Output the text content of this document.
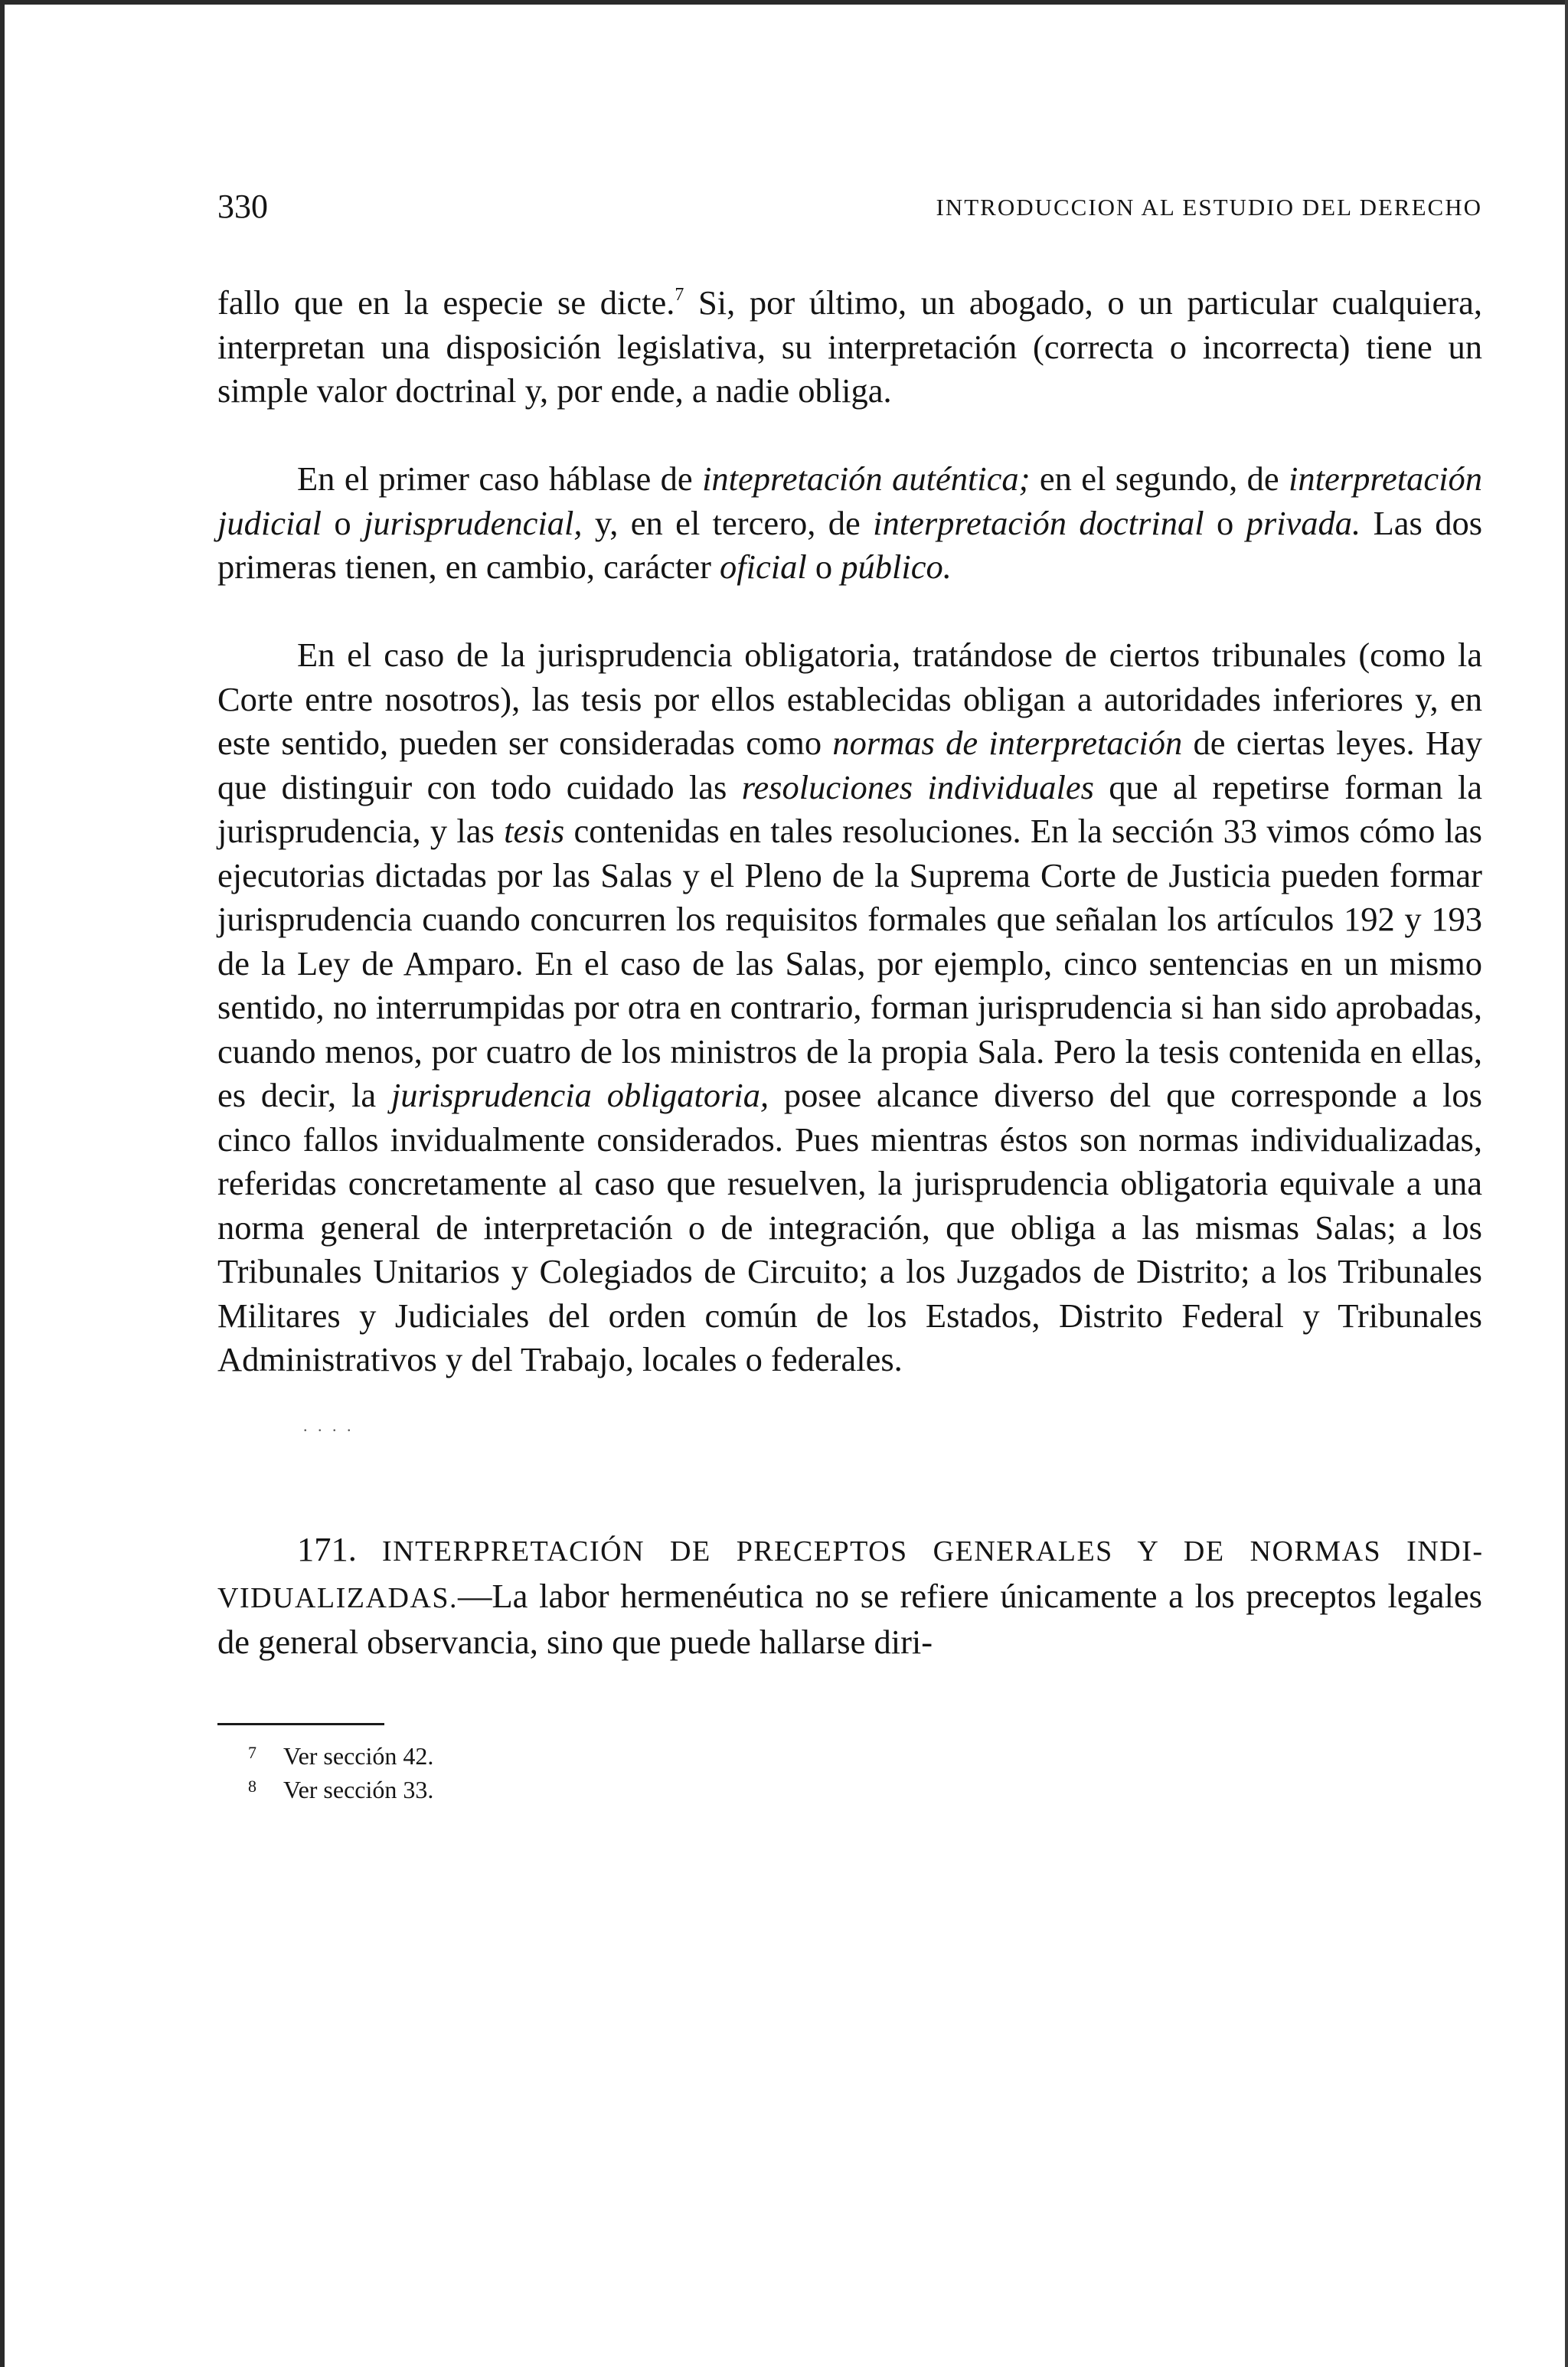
330	INTRODUCCION AL ESTUDIO DEL DERECHO

fallo que en la especie se dicte.$^7$ Si, por último, un abogado, o un particular cualquiera, interpretan una disposición legislativa, su interpretación (correcta o incorrecta) tiene un simple valor doctrinal y, por ende, a nadie obliga.

En el primer caso háblase de intepretación auténtica; en el segundo, de interpretación judicial o jurisprudencial, y, en el tercero, de interpretación doctrinal o privada. Las dos primeras tienen, en cambio, carácter oficial o público.

En el caso de la jurisprudencia obligatoria, tratándose de ciertos tribunales (como la Corte entre nosotros), las tesis por ellos establecidas obligan a autoridades inferiores y, en este sentido, pueden ser consideradas como normas de interpretación de ciertas leyes. Hay que distinguir con todo cuidado las resoluciones individuales que al repetirse forman la jurisprudencia, y las tesis contenidas en tales resoluciones. En la sección 33 vimos cómo las ejecutorias dictadas por las Salas y el Pleno de la Suprema Corte de Justicia pueden formar jurisprudencia cuando concurren los requisitos formales que señalan los artículos 192 y 193 de la Ley de Amparo. En el caso de las Salas, por ejemplo, cinco sentencias en un mismo sentido, no interrumpidas por otra en contrario, forman jurisprudencia si han sido aprobadas, cuando menos, por cuatro de los ministros de la propia Sala. Pero la tesis contenida en ellas, es decir, la jurisprudencia obligatoria, posee alcance diverso del que corresponde a los cinco fallos invidualmente considerados. Pues mientras éstos son normas individualizadas, referidas concretamente al caso que resuelven, la jurisprudencia obligatoria equivale a una norma general de interpretación o de integración, que obliga a las mismas Salas; a los Tribunales Unitarios y Colegiados de Circuito; a los Juzgados de Distrito; a los Tribunales Militares y Judiciales del orden común de los Estados, Distrito Federal y Tribunales Administrativos y del Trabajo, locales o federales.

. . . .

171. INTERPRETACIÓN DE PRECEPTOS GENERALES Y DE NORMAS INDIVIDUALIZADAS.—La labor hermenéutica no se refiere únicamente a los preceptos legales de general observancia, sino que puede hallarse diri-

7 Ver sección 42.
8 Ver sección 33.
